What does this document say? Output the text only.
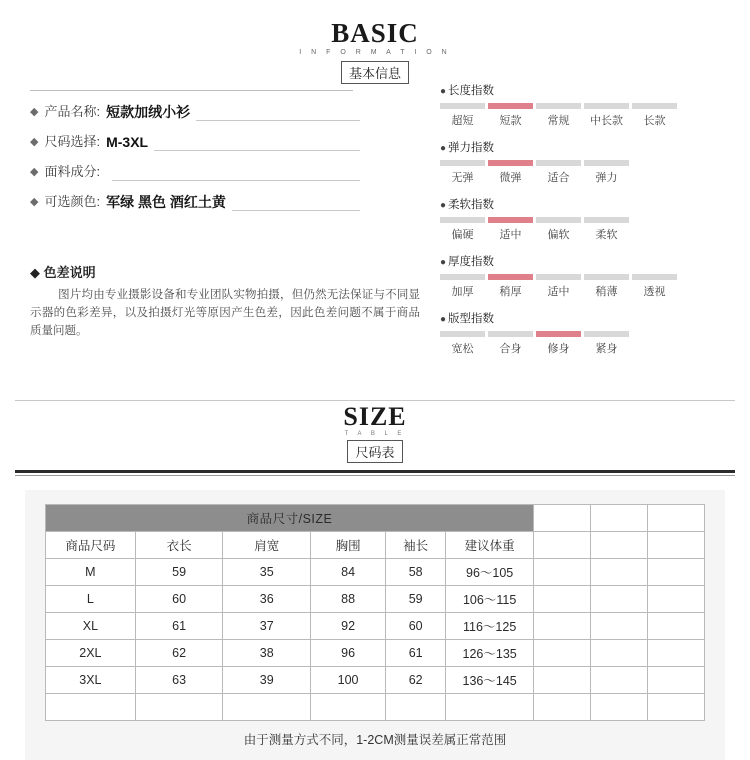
BASIC
I N F O R M A T I O N
基本信息
◆ 产品名称: 短款加绒小衫
◆ 尺码选择: M-3XL
◆ 面料成分:
◆ 可选颜色: 军绿 黑色 酒红土黄
◆ 色差说明
图片均由专业摄影设备和专业团队实物拍摄，但仍然无法保证与不同显示器的色彩差异，以及拍摄灯光等原因产生色差，因此色差问题不属于商品质量问题。
● 长度指数
超短	短款	常规	中长款	长款
● 弹力指数
无弹	微弹	适合	弹力
● 柔软指数
偏硬	适中	偏软	柔软
● 厚度指数
加厚	稍厚	适中	稍薄	透视
● 版型指数
宽松	合身	修身	紧身
SIZE
T A B L E
尺码表
商品尺寸/SIZE								
商品尺码	衣长	肩宽	胸围	袖长	建议体重			
M	59	35	84	58	96～105			
L	60	36	88	59	106～115			
XL	61	37	92	60	116～125			
2XL	62	38	96	61	126～135			
3XL	63	39	100	62	136～145			

由于测量方式不同，1-2CM测量误差属正常范围
